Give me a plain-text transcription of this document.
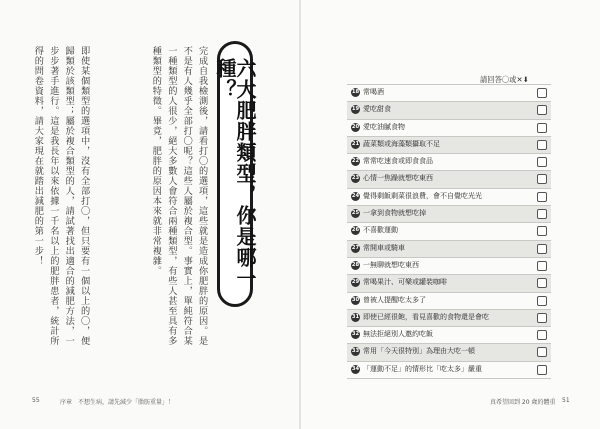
六大肥胖類型，你是哪一種？
完成自我檢測後，請看打〇的選項，這些就是造成你肥胖的原因。是不是有人幾乎全部打〇呢？這些人屬於複合型。事實上，單純符合某一種類型的人很少，絕大多數人會符合兩種類型，有些人甚至具有多種類型的特徵。畢竟，肥胖的原因本來就非常複雜。
即使某個類型的選項中，沒有全部打〇，但只要有一個以上的〇，便歸類於該類型；屬於複合類型的人，請試著找出適合的減肥方法，一步步著手進行。這是我長年以來依據一千名以上的肥胖患者，統計所得的問卷資料，請大家現在就踏出減肥的第一步！
55	序章　不想生病，請先減少「脂肪重量」！
請回答〇或✕⬇
18 常喝酒
19 愛吃甜食
20 愛吃油膩食物
21 蔬菜類或海藻類攝取不足
22 常常吃速食或即食食品
23 心情一焦躁就想吃東西
24 覺得剩飯剩菜很浪費，會不自覺吃光光
25 一拿到食物就想吃掉
26 不喜歡運動
27 常開車或騎車
28 一無聊就想吃東西
29 常喝果汁、可樂或罐裝咖啡
30 曾被人提醒吃太多了
31 即使已經很飽，看見喜歡的食物還是會吃
32 無法拒絕別人邀約吃飯
33 常用「今天很特別」為理由大吃一頓
34 「運動不足」的情形比「吃太多」嚴重
真希望回到 20 歲的體重 51
